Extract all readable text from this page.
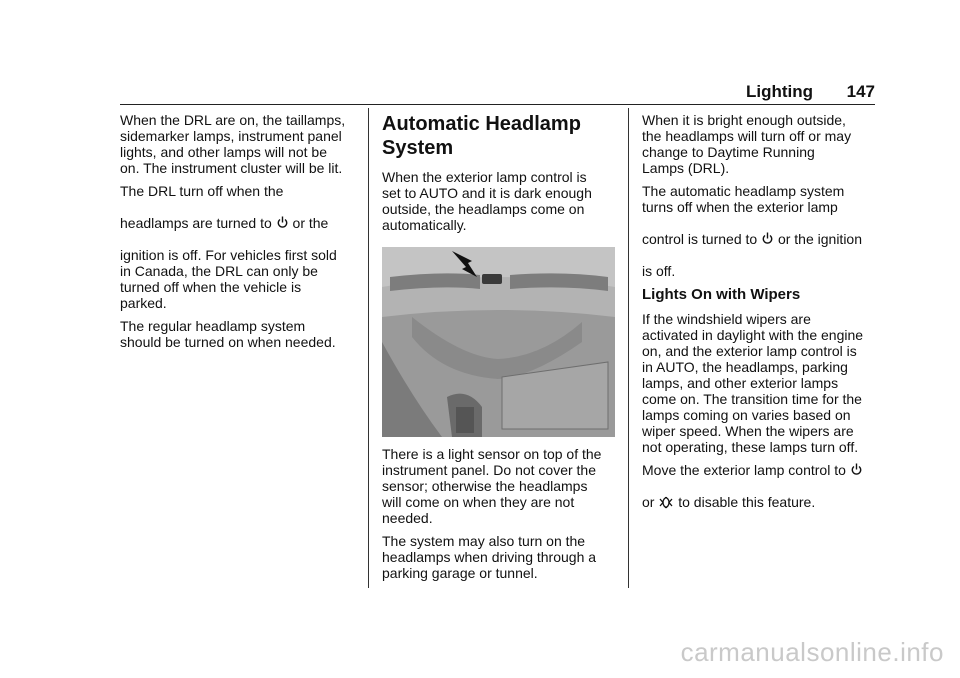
Lighting 147

When the DRL are on, the taillamps,
sidemarker lamps, instrument panel
lights, and other lamps will not be
on. The instrument cluster will be lit.

The DRL turn off when the

headlamps are turned to  or the

ignition is off. For vehicles first sold
in Canada, the DRL can only be
turned off when the vehicle is
parked.

The regular headlamp system
should be turned on when needed.

Automatic Headlamp
System

When the exterior lamp control is
set to AUTO and it is dark enough
outside, the headlamps come on
automatically.

There is a light sensor on top of the
instrument panel. Do not cover the
sensor; otherwise the headlamps
will come on when they are not
needed.

The system may also turn on the
headlamps when driving through a
parking garage or tunnel.

When it is bright enough outside,
the headlamps will turn off or may
change to Daytime Running
Lamps (DRL).

The automatic headlamp system
turns off when the exterior lamp

control is turned to  or the ignition

is off.

Lights On with Wipers

If the windshield wipers are
activated in daylight with the engine
on, and the exterior lamp control is
in AUTO, the headlamps, parking
lamps, and other exterior lamps
come on. The transition time for the
lamps coming on varies based on
wiper speed. When the wipers are
not operating, these lamps turn off.

Move the exterior lamp control to

or  to disable this feature.

carmanualsonline.info
